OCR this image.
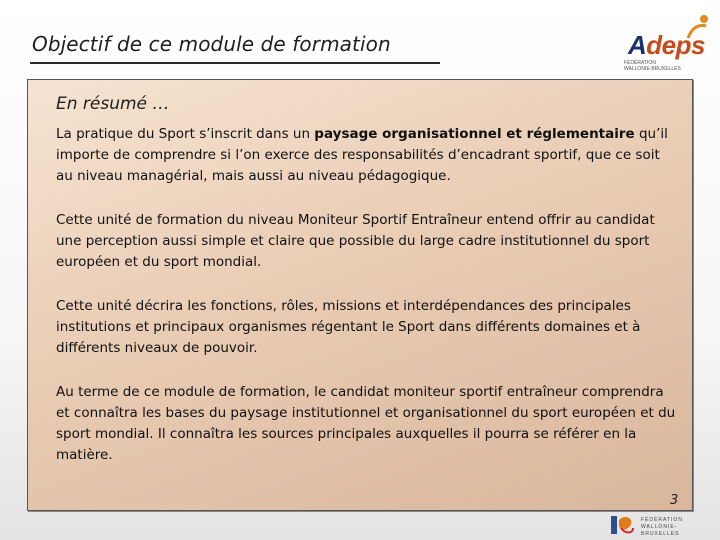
Objectif de ce module de formation	Adeps
FÉDÉRATION
WALLONIE-BRUXELLES
En résumé …
La pratique du Sport s’inscrit dans un paysage organisationnel et réglementaire qu’il importe de comprendre si l’on exerce des responsabilités d’encadrant sportif, que ce soit au niveau managérial, mais aussi au niveau pédagogique.
Cette unité de formation du niveau Moniteur Sportif Entraîneur entend offrir au candidat une perception aussi simple et claire que possible du large cadre institutionnel du sport européen et du sport mondial.
Cette unité décrira les fonctions, rôles, missions et interdépendances des principales institutions et principaux organismes régentant le Sport dans différents domaines et à différents niveaux de pouvoir.
Au terme de ce module de formation, le candidat moniteur sportif entraîneur comprendra et connaîtra les bases du paysage institutionnel et organisationnel du sport européen et du sport mondial. Il connaîtra les sources principales auxquelles il pourra se référer en la matière.
3
FÉDÉRATION
WALLONIE-BRUXELLES
